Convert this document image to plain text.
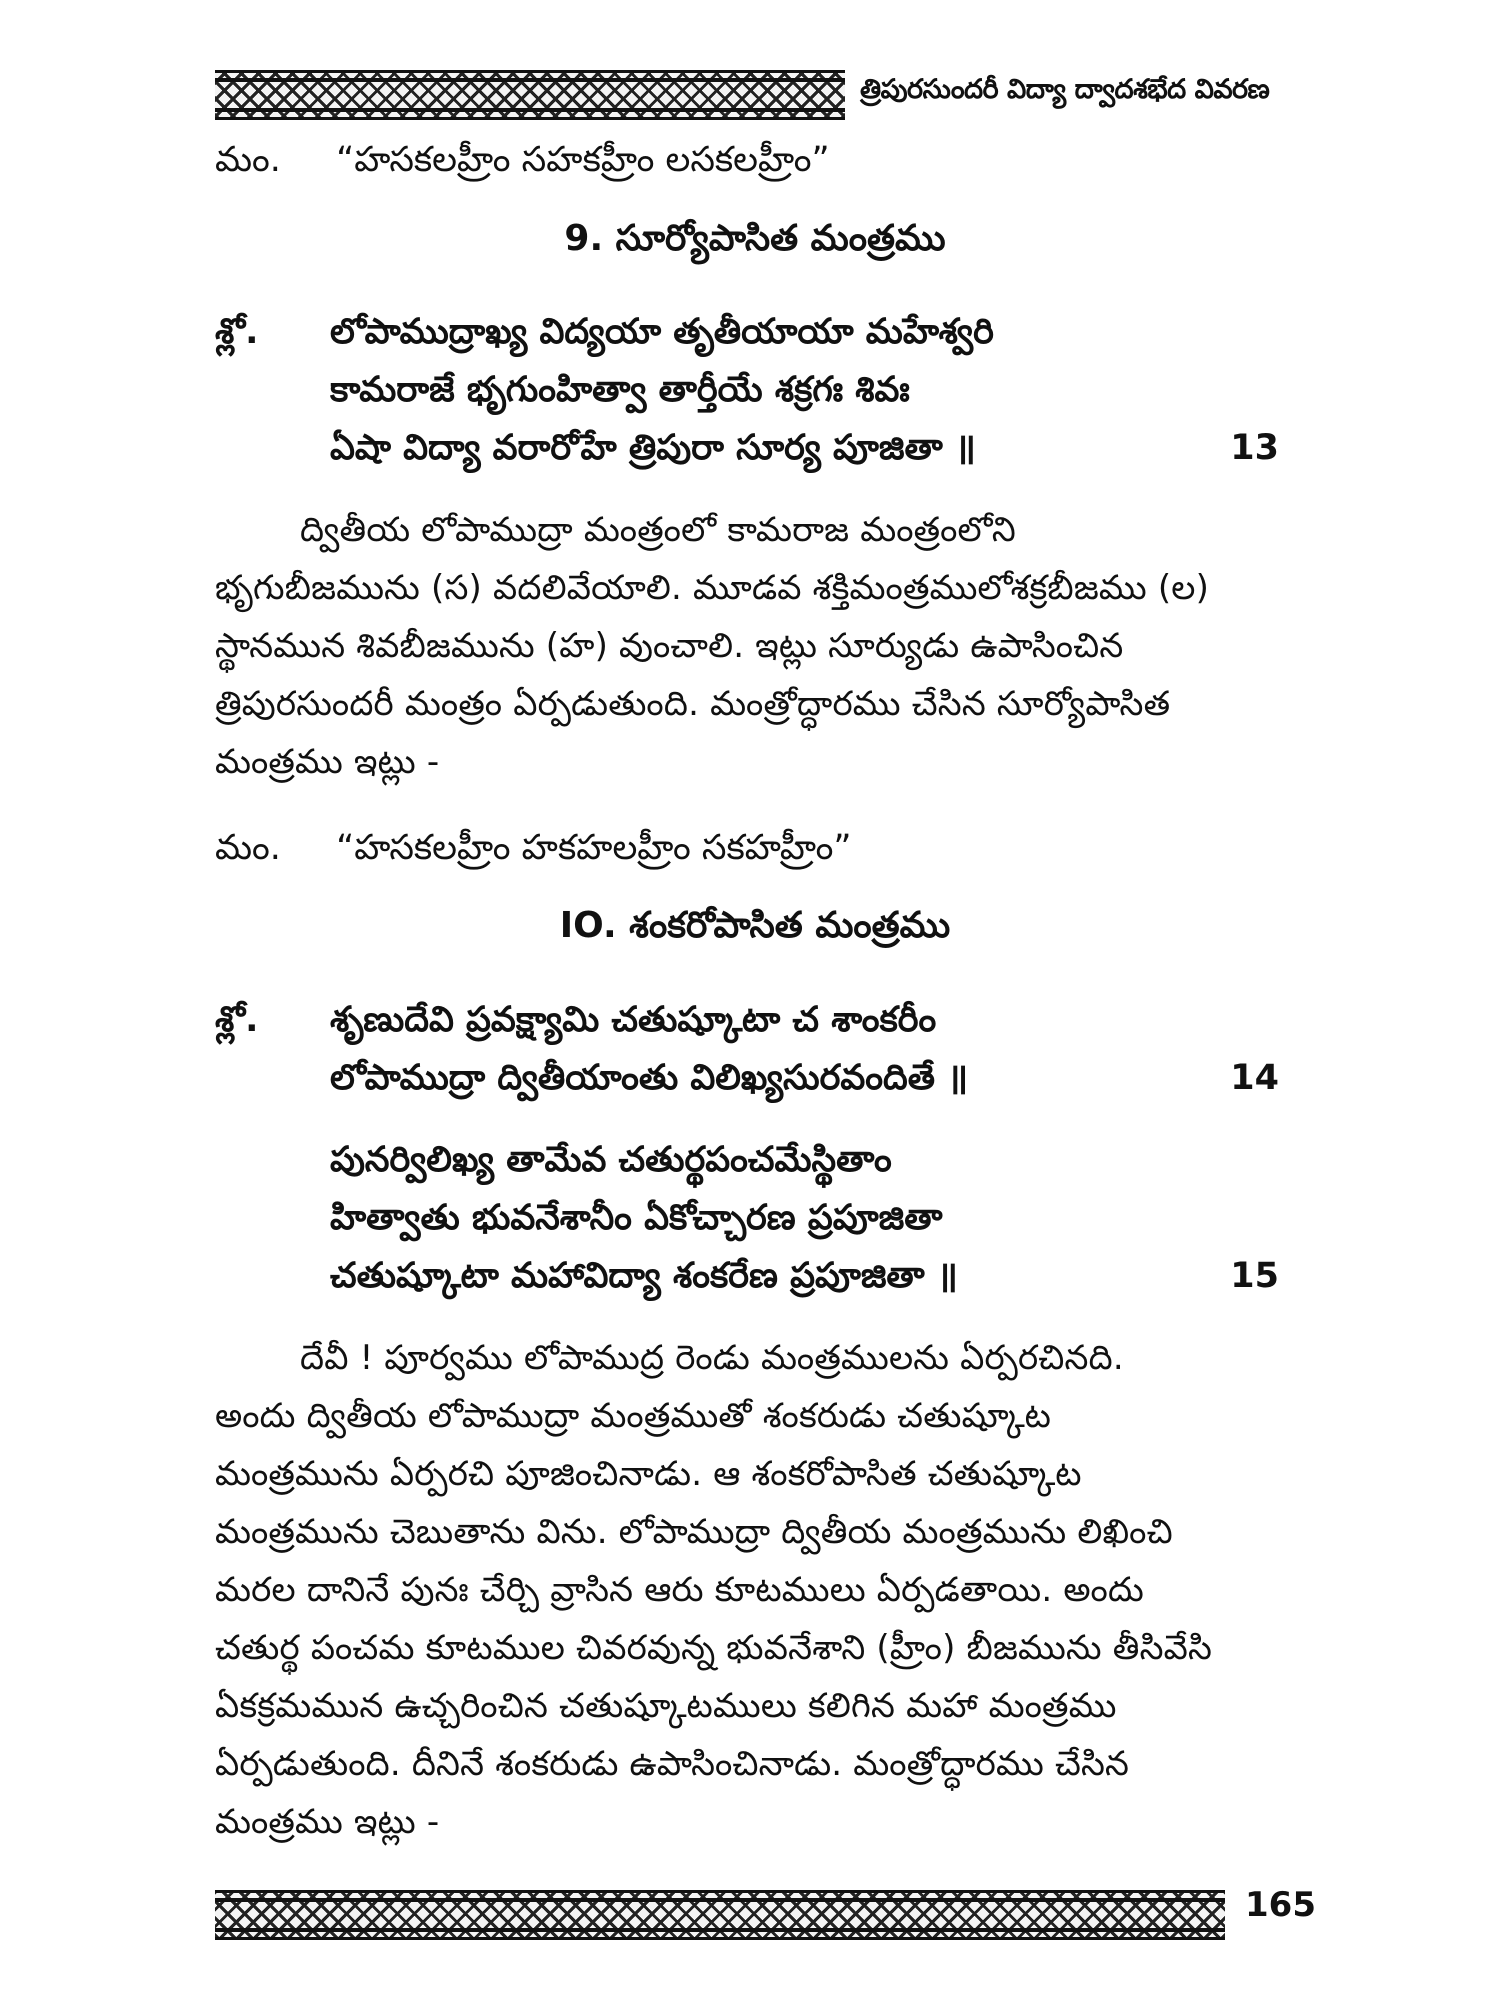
త్రిపురసుందరీ విద్యా ద్వాదశభేద వివరణ
మం. “హసకలహ్రీం సహకహ్రీం లసకలహ్రీం”
9. సూర్యోపాసిత మంత్రము
శ్లో. లోపాముద్రాఖ్య విద్యయా తృతీయాయా మహేశ్వరి
కామరాజే భృగుంహిత్వా తార్తీయే శక్రగః శివః
ఏషా విద్యా వరారోహే త్రిపురా సూర్య పూజితా ॥	13
ద్వితీయ లోపాముద్రా మంత్రంలో కామరాజ మంత్రంలోని
భృగుబీజమును (స) వదలివేయాలి. మూడవ శక్తిమంత్రములోశక్రబీజము (ల)
స్థానమున శివబీజమును (హ) వుంచాలి. ఇట్లు సూర్యుడు ఉపాసించిన
త్రిపురసుందరీ మంత్రం ఏర్పడుతుంది. మంత్రోద్ధారము చేసిన సూర్యోపాసిత
మంత్రము ఇట్లు -
మం. “హసకలహ్రీం హకహలహ్రీం సకహహ్రీం”
IO. శంకరోపాసిత మంత్రము
శ్లో. శృణుదేవి ప్రవక్ష్యామి చతుష్కూటా చ శాంకరీం
లోపాముద్రా ద్వితీయాంతు విలిఖ్యసురవందితే ॥	14
పునర్విలిఖ్య తామేవ చతుర్థపంచమేస్థితాం
హిత్వాతు భువనేశానీం ఏకోచ్చారణ ప్రపూజితా
చతుష్కూటా మహావిద్యా శంకరేణ ప్రపూజితా ॥	15
దేవీ ! పూర్వము లోపాముద్ర రెండు మంత్రములను ఏర్పరచినది.
అందు ద్వితీయ లోపాముద్రా మంత్రముతో శంకరుడు చతుష్కూట
మంత్రమును ఏర్పరచి పూజించినాడు. ఆ శంకరోపాసిత చతుష్కూట
మంత్రమును చెబుతాను విను. లోపాముద్రా ద్వితీయ మంత్రమును లిఖించి
మరల దానినే పునః చేర్చి వ్రాసిన ఆరు కూటములు ఏర్పడతాయి. అందు
చతుర్థ పంచమ కూటముల చివరవున్న భువనేశాని (హ్రీం) బీజమును తీసివేసి
ఏకక్రమమున ఉచ్చరించిన చతుష్కూటములు కలిగిన మహా మంత్రము
ఏర్పడుతుంది. దీనినే శంకరుడు ఉపాసించినాడు. మంత్రోద్ధారము చేసిన
మంత్రము ఇట్లు -
165
